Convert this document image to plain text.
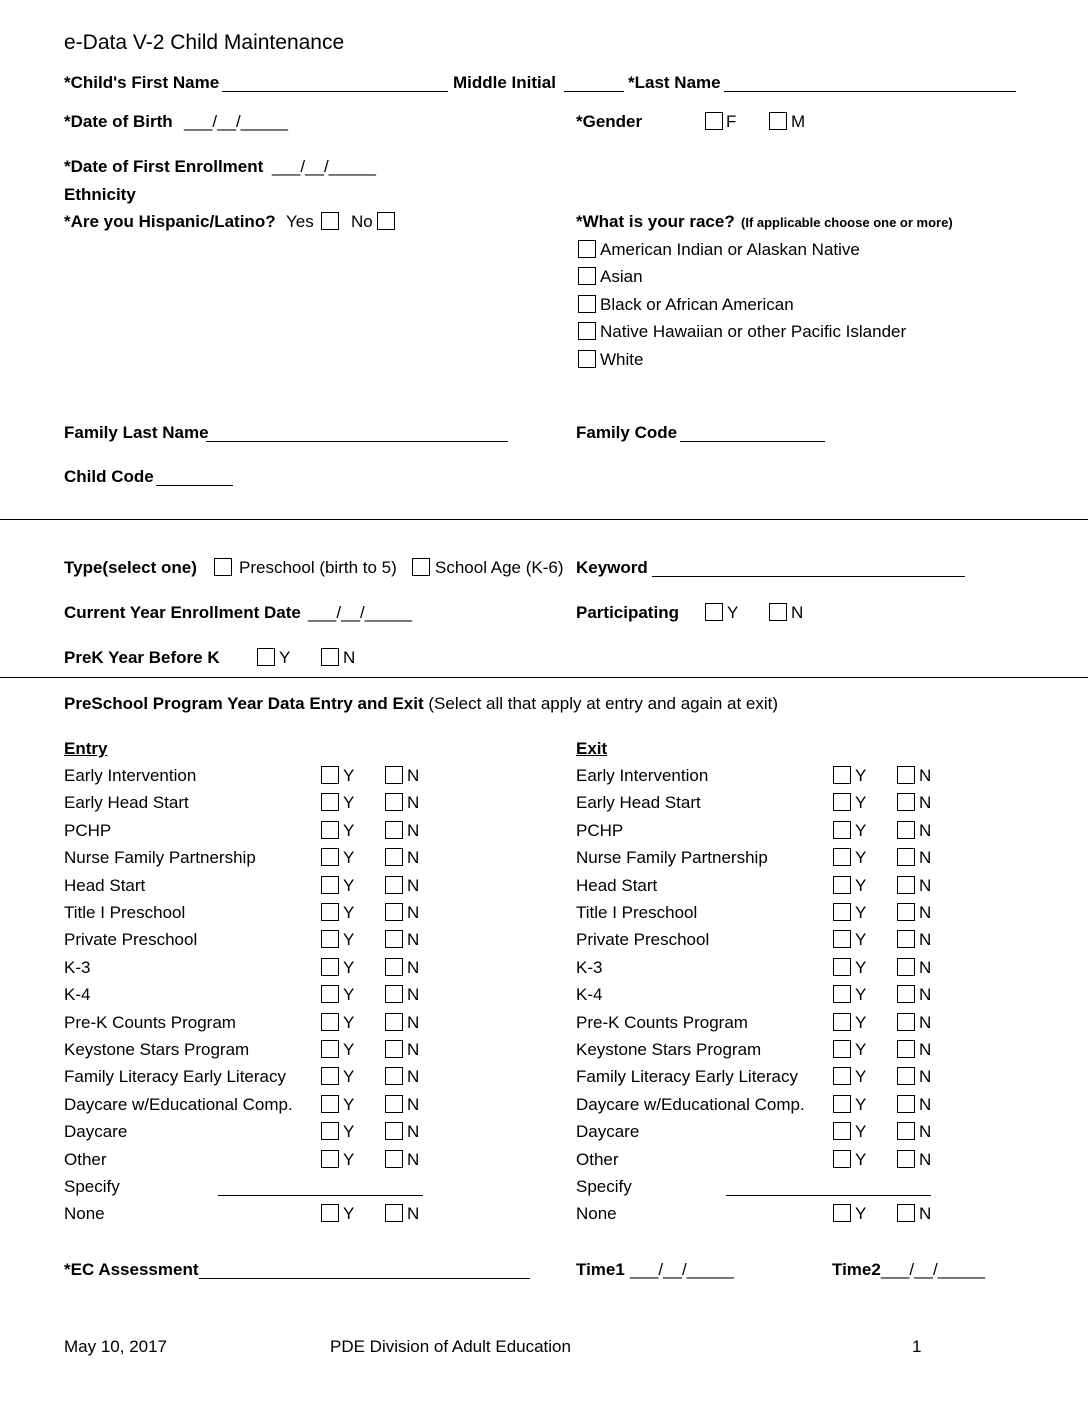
e-Data V-2 Child Maintenance
*Child's First Name	Middle Initial	*Last Name
*Date of Birth ___/__/_____	*Gender	F	M
*Date of First Enrollment ___/__/_____
Ethnicity
*Are you Hispanic/Latino? Yes No	*What is your race? (If applicable choose one or more)
American Indian or Alaskan Native
Asian
Black or African American
Native Hawaiian or other Pacific Islander
White
Family Last Name	Family Code
Child Code
Type(select one) Preschool (birth to 5) School Age (K-6) Keyword
Current Year Enrollment Date ___/__/_____	Participating	Y	N
PreK Year Before K	Y	N
PreSchool Program Year Data Entry and Exit (Select all that apply at entry and again at exit)
Entry	Exit
Early Intervention	Y	N	Early Intervention	Y	N
Early Head Start	Y	N	Early Head Start	Y	N
PCHP	Y	N	PCHP	Y	N
Nurse Family Partnership	Y	N	Nurse Family Partnership	Y	N
Head Start	Y	N	Head Start	Y	N
Title I Preschool	Y	N	Title I Preschool	Y	N
Private Preschool	Y	N	Private Preschool	Y	N
K-3	Y	N	K-3	Y	N
K-4	Y	N	K-4	Y	N
Pre-K Counts Program	Y	N	Pre-K Counts Program	Y	N
Keystone Stars Program	Y	N	Keystone Stars Program	Y	N
Family Literacy Early Literacy	Y	N	Family Literacy Early Literacy	Y	N
Daycare w/Educational Comp.	Y	N	Daycare w/Educational Comp.	Y	N
Daycare	Y	N	Daycare	Y	N
Other	Y	N	Other	Y	N
Specify	Specify
None	Y	N	None	Y	N
*EC Assessment	Time1 ___/__/_____	Time2 ___/__/_____
May 10, 2017	PDE Division of Adult Education	1
